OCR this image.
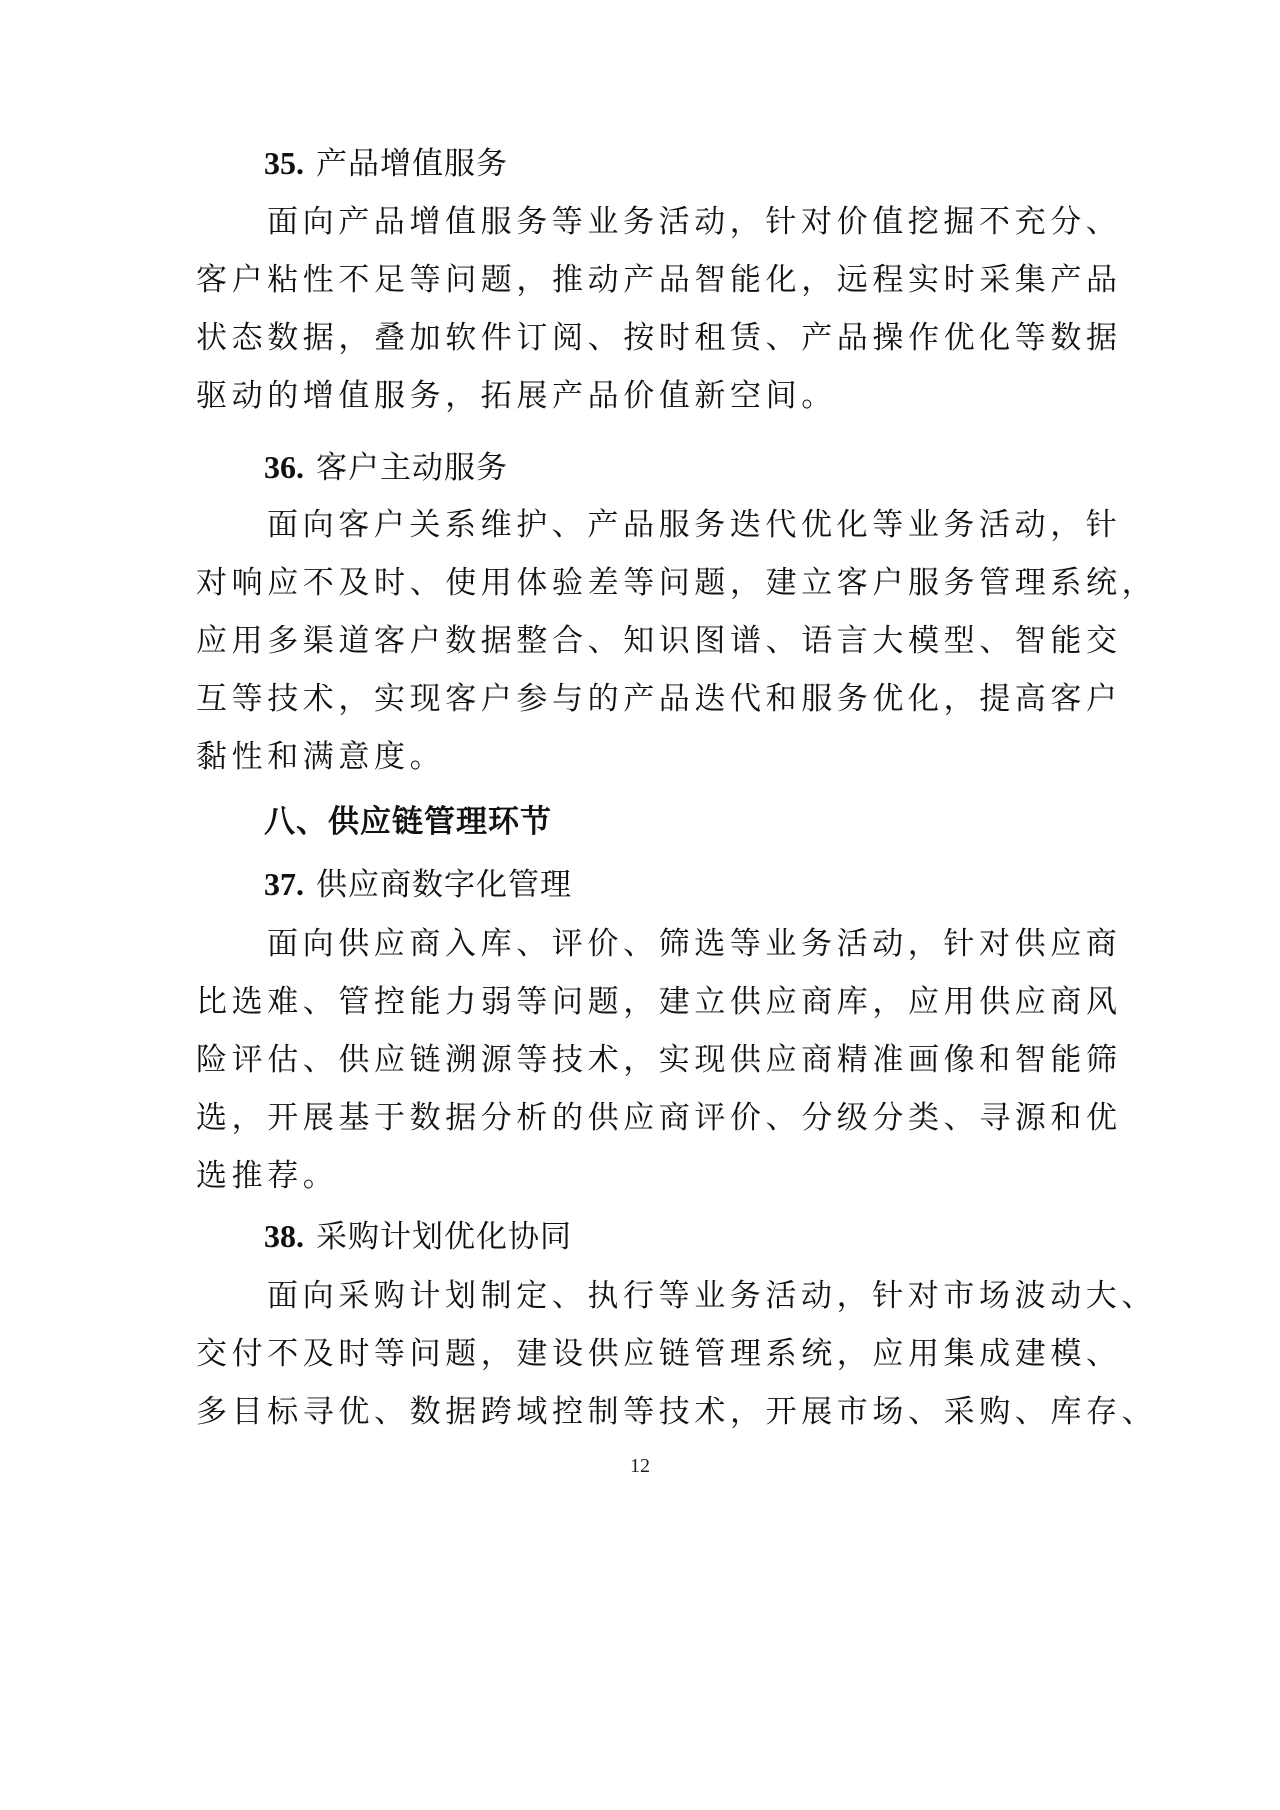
35. 产品增值服务
面向产品增值服务等业务活动，针对价值挖掘不充分、
客户粘性不足等问题，推动产品智能化，远程实时采集产品
状态数据，叠加软件订阅、按时租赁、产品操作优化等数据
驱动的增值服务，拓展产品价值新空间。
36. 客户主动服务
面向客户关系维护、产品服务迭代优化等业务活动，针
对响应不及时、使用体验差等问题，建立客户服务管理系统，
应用多渠道客户数据整合、知识图谱、语言大模型、智能交
互等技术，实现客户参与的产品迭代和服务优化，提高客户
黏性和满意度。
八、供应链管理环节
37. 供应商数字化管理
面向供应商入库、评价、筛选等业务活动，针对供应商
比选难、管控能力弱等问题，建立供应商库，应用供应商风
险评估、供应链溯源等技术，实现供应商精准画像和智能筛
选，开展基于数据分析的供应商评价、分级分类、寻源和优
选推荐。
38. 采购计划优化协同
面向采购计划制定、执行等业务活动，针对市场波动大、
交付不及时等问题，建设供应链管理系统，应用集成建模、
多目标寻优、数据跨域控制等技术，开展市场、采购、库存、
12
